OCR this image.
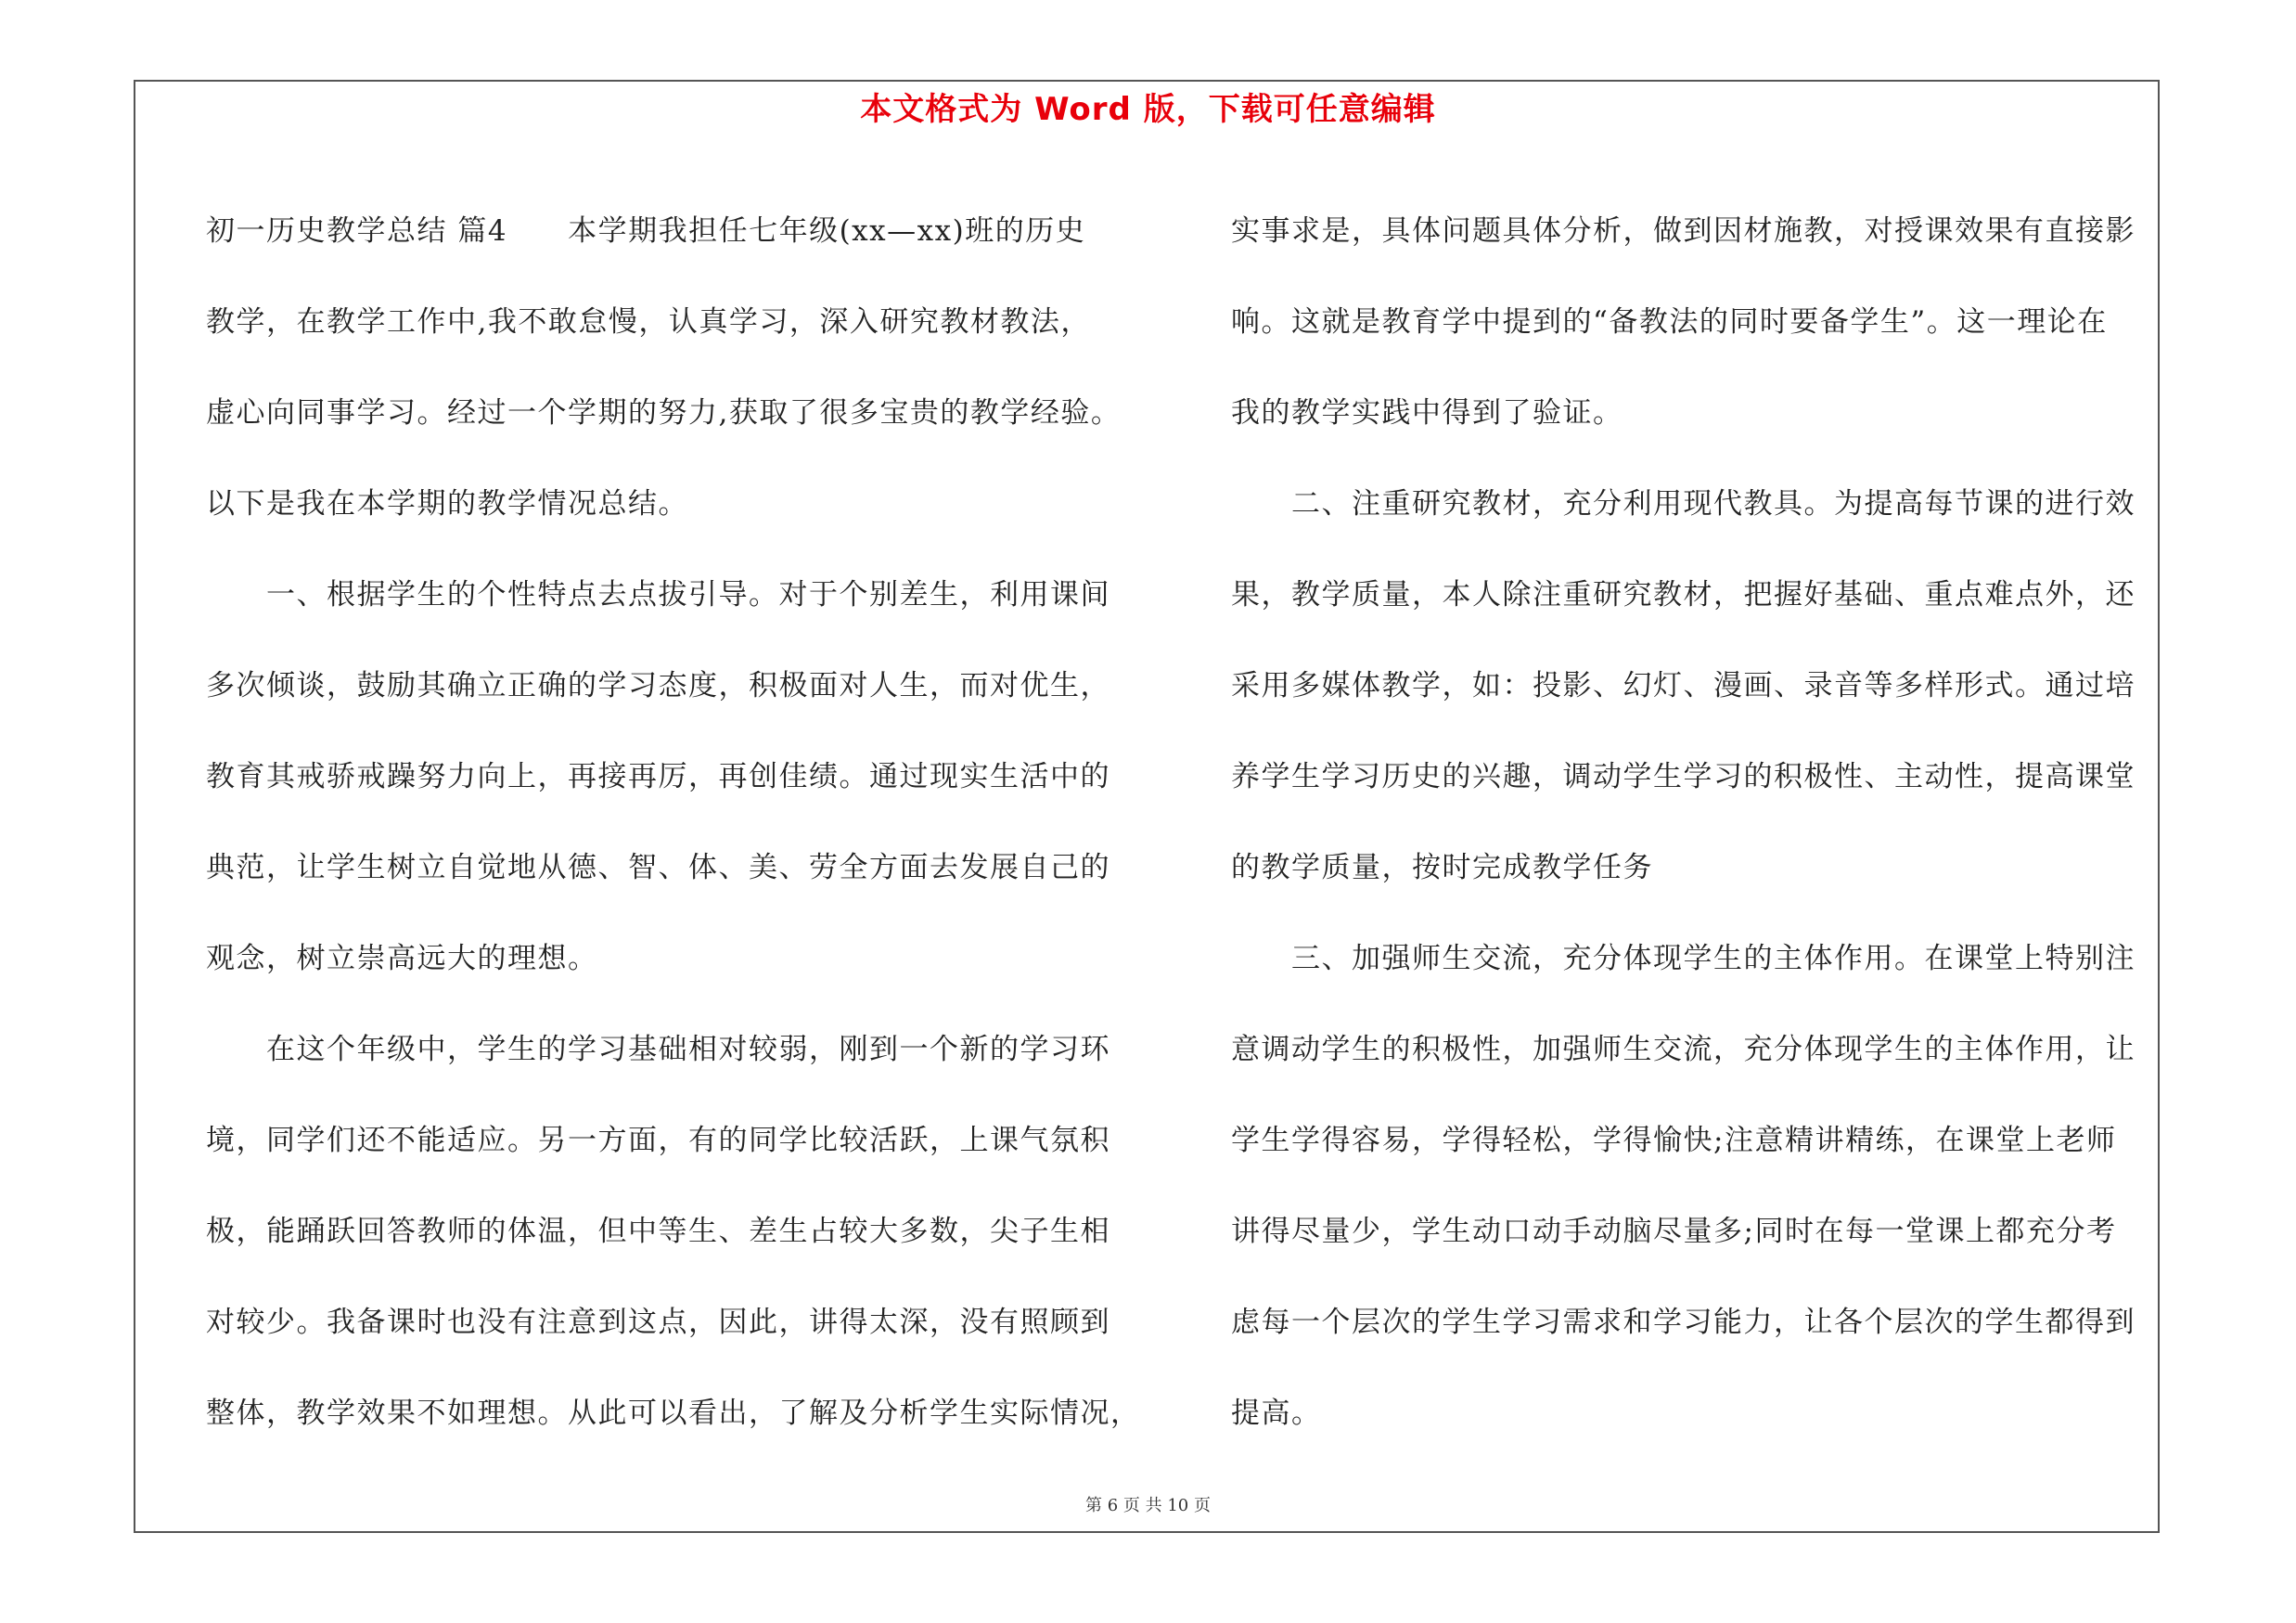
本文格式为 Word 版，下载可任意编辑
初一历史教学总结 篇4　　本学期我担任七年级(xx—xx)班的历史
教学，在教学工作中,我不敢怠慢，认真学习，深入研究教材教法，
虚心向同事学习。经过一个学期的努力,获取了很多宝贵的教学经验。
以下是我在本学期的教学情况总结。
　　一、根据学生的个性特点去点拔引导。对于个别差生，利用课间
多次倾谈，鼓励其确立正确的学习态度，积极面对人生，而对优生，
教育其戒骄戒躁努力向上，再接再厉，再创佳绩。通过现实生活中的
典范，让学生树立自觉地从德、智、体、美、劳全方面去发展自己的
观念，树立崇高远大的理想。
　　在这个年级中，学生的学习基础相对较弱，刚到一个新的学习环
境，同学们还不能适应。另一方面，有的同学比较活跃，上课气氛积
极，能踊跃回答教师的体温，但中等生、差生占较大多数，尖子生相
对较少。我备课时也没有注意到这点，因此，讲得太深，没有照顾到
整体，教学效果不如理想。从此可以看出，了解及分析学生实际情况，
实事求是，具体问题具体分析，做到因材施教，对授课效果有直接影
响。这就是教育学中提到的“备教法的同时要备学生”。这一理论在
我的教学实践中得到了验证。
　　二、注重研究教材，充分利用现代教具。为提高每节课的进行效
果，教学质量，本人除注重研究教材，把握好基础、重点难点外，还
采用多媒体教学，如：投影、幻灯、漫画、录音等多样形式。通过培
养学生学习历史的兴趣，调动学生学习的积极性、主动性，提高课堂
的教学质量，按时完成教学任务
　　三、加强师生交流，充分体现学生的主体作用。在课堂上特别注
意调动学生的积极性，加强师生交流，充分体现学生的主体作用，让
学生学得容易，学得轻松，学得愉快;注意精讲精练，在课堂上老师
讲得尽量少，学生动口动手动脑尽量多;同时在每一堂课上都充分考
虑每一个层次的学生学习需求和学习能力，让各个层次的学生都得到
提高。
第 6 页 共 10 页
